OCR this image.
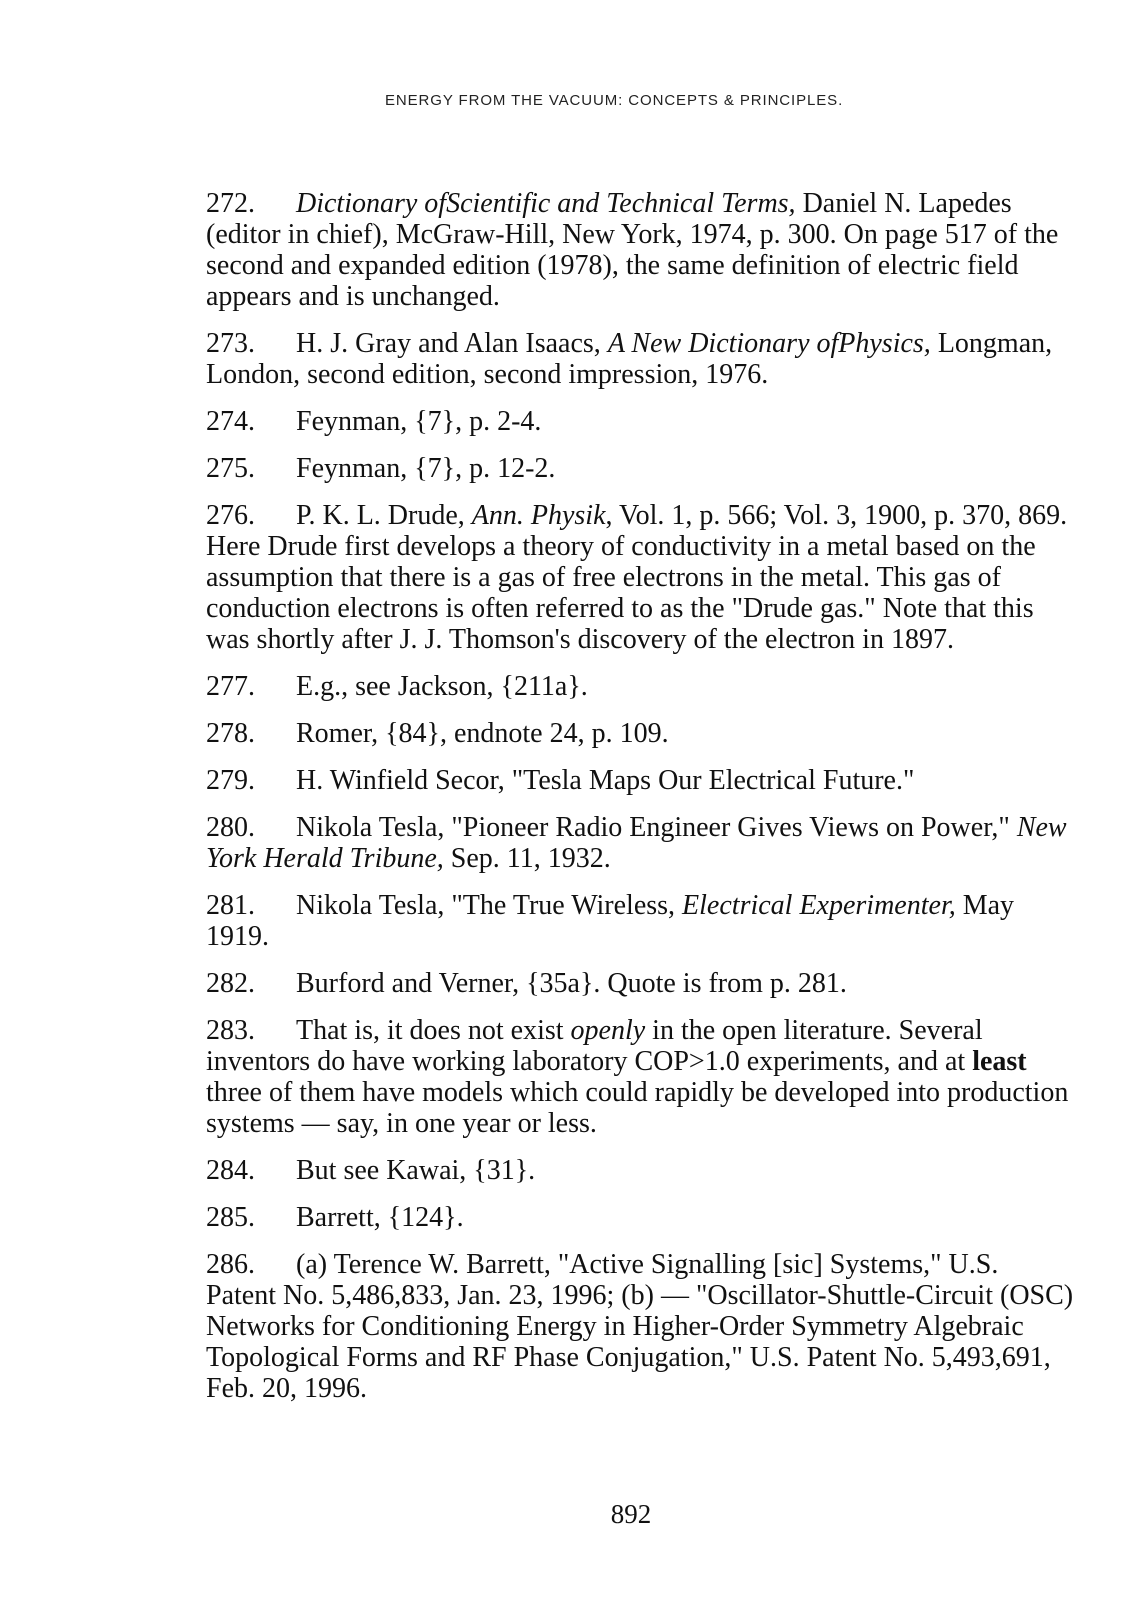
ENERGY FROM THE VACUUM: CONCEPTS & PRINCIPLES.

272. Dictionary ofScientific and Technical Terms, Daniel N. Lapedes (editor in chief), McGraw-Hill, New York, 1974, p. 300. On page 517 of the second and expanded edition (1978), the same definition of electric field appears and is unchanged.

273. H. J. Gray and Alan Isaacs, A New Dictionary ofPhysics, Longman, London, second edition, second impression, 1976.

274. Feynman, {7}, p. 2-4.

275. Feynman, {7}, p. 12-2.

276. P. K. L. Drude, Ann. Physik, Vol. 1, p. 566; Vol. 3, 1900, p. 370, 869. Here Drude first develops a theory of conductivity in a metal based on the assumption that there is a gas of free electrons in the metal. This gas of conduction electrons is often referred to as the "Drude gas." Note that this was shortly after J. J. Thomson's discovery of the electron in 1897.

277. E.g., see Jackson, {211a}.

278. Romer, {84}, endnote 24, p. 109.

279. H. Winfield Secor, "Tesla Maps Our Electrical Future."

280. Nikola Tesla, "Pioneer Radio Engineer Gives Views on Power," New York Herald Tribune, Sep. 11, 1932.

281. Nikola Tesla, "The True Wireless, Electrical Experimenter, May 1919.

282. Burford and Verner, {35a}. Quote is from p. 281.

283. That is, it does not exist openly in the open literature. Several inventors do have working laboratory COP>1.0 experiments, and at least three of them have models which could rapidly be developed into production systems — say, in one year or less.

284. But see Kawai, {31}.

285. Barrett, {124}.

286. (a) Terence W. Barrett, "Active Signalling [sic] Systems," U.S. Patent No. 5,486,833, Jan. 23, 1996; (b) — "Oscillator-Shuttle-Circuit (OSC) Networks for Conditioning Energy in Higher-Order Symmetry Algebraic Topological Forms and RF Phase Conjugation," U.S. Patent No. 5,493,691, Feb. 20, 1996.

892
